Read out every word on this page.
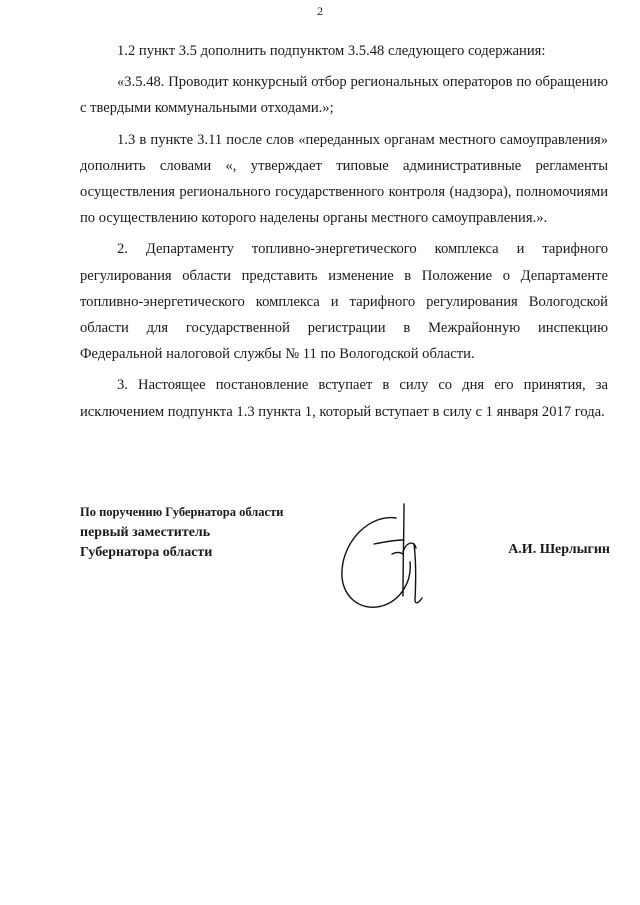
2

1.2 пункт 3.5 дополнить подпунктом 3.5.48 следующего содержания:

«3.5.48. Проводит конкурсный отбор региональных операторов по обращению с твердыми коммунальными отходами.»;

1.3 в пункте 3.11 после слов «переданных органам местного самоуправления» дополнить словами «, утверждает типовые административные регламенты осуществления регионального государственного контроля (надзора), полномочиями по осуществлению которого наделены органы местного самоуправления.».

2. Департаменту топливно-энергетического комплекса и тарифного регулирования области представить изменение в Положение о Департаменте топливно-энергетического комплекса и тарифного регулирования Вологодской области для государственной регистрации в Межрайонную инспекцию Федеральной налоговой службы № 11 по Вологодской области.

3. Настоящее постановление вступает в силу со дня его принятия, за исключением подпункта 1.3 пункта 1, который вступает в силу с 1 января 2017 года.

По поручению Губернатора области

первый заместитель

Губернатора области	А.И. Шерлыгин
